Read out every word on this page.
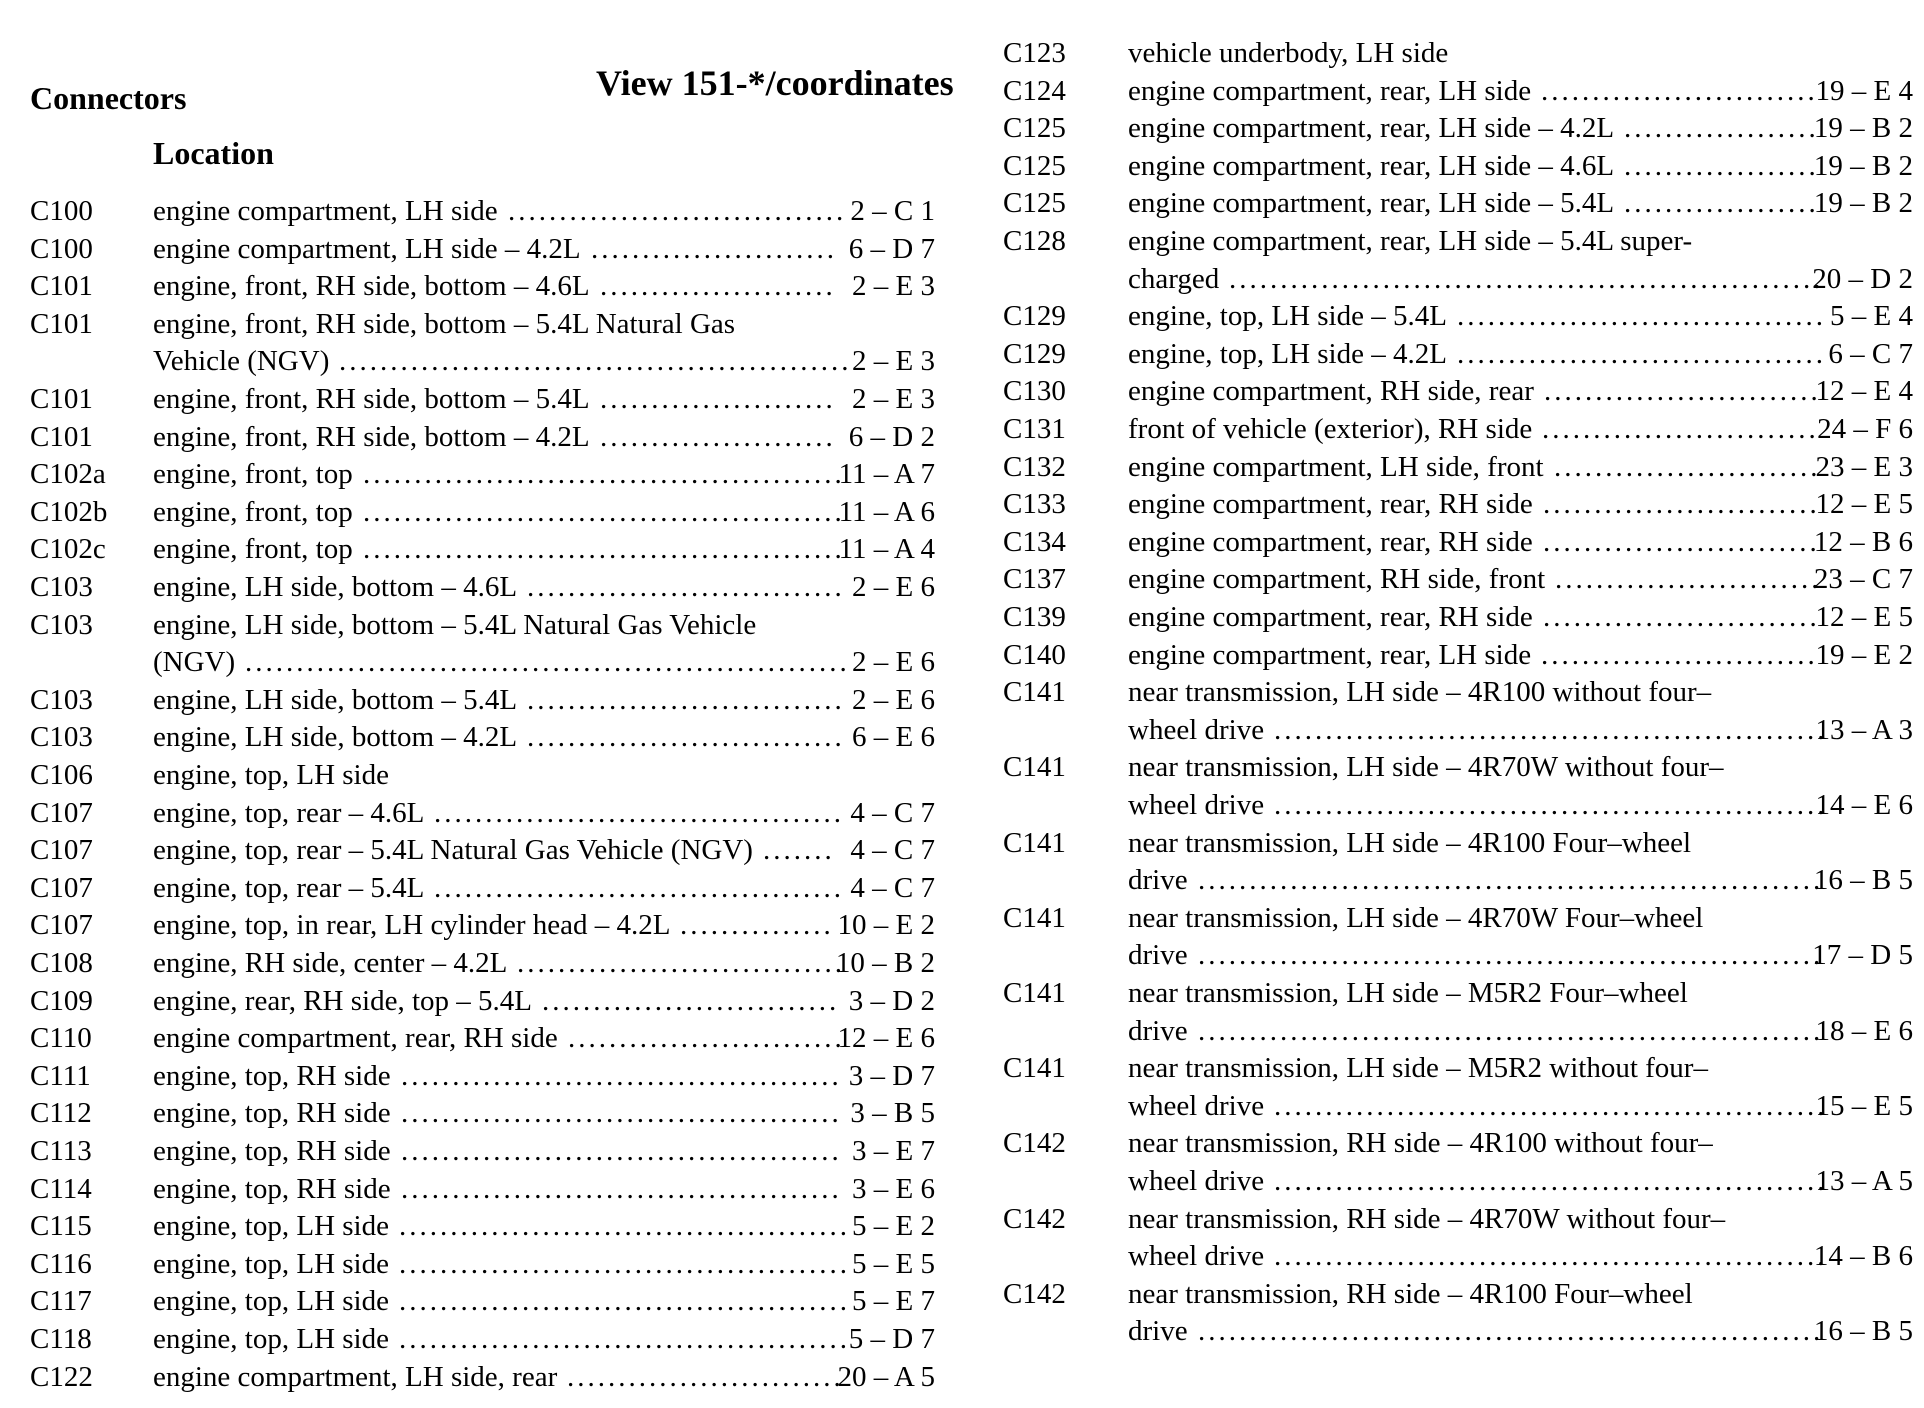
Connectors	View 151-*/coordinates
Location
C100 engine compartment, LH side ................................. 2 – C 1
C100 engine compartment, LH side – 4.2L ........................ 6 – D 7
C101 engine, front, RH side, bottom – 4.6L ....................... 2 – E 3
C101 engine, front, RH side, bottom – 5.4L Natural Gas
Vehicle (NGV) .................................................. 2 – E 3
C101 engine, front, RH side, bottom – 5.4L ....................... 2 – E 3
C101 engine, front, RH side, bottom – 4.2L ....................... 6 – D 2
C102a engine, front, top ...............................................
11 – A 7
C102b engine, front, top ...............................................
11 – A 6
C102c engine, front, top ...............................................
11 – A 4
C103 engine, LH side, bottom – 4.6L ............................... 2 – E 6
C103 engine, LH side, bottom – 5.4L Natural Gas Vehicle
(NGV) ........................................................... 2 – E 6
C103 engine, LH side, bottom – 5.4L ............................... 2 – E 6
C103 engine, LH side, bottom – 4.2L ............................... 6 – E 6
C106 engine, top, LH side
C107 engine, top, rear – 4.6L ........................................ 4 – C 7
C107 engine, top, rear – 5.4L Natural Gas Vehicle (NGV) ....... 4 – C 7
C107 engine, top, rear – 5.4L ........................................ 4 – C 7
C107 engine, top, in rear, LH cylinder head – 4.2L ............... 10 – E 2
C108 engine, RH side, center – 4.2L ................................
10 – B 2
C109 engine, rear, RH side, top – 5.4L ............................. 3 – D 2
C110 engine compartment, rear, RH side ...........................
12 – E 6
C111 engine, top, RH side ........................................... 3 – D 7
C112 engine, top, RH side ........................................... 3 – B 5
C113 engine, top, RH side ........................................... 3 – E 7
C114 engine, top, RH side ........................................... 3 – E 6
C115 engine, top, LH side ............................................ 5 – E 2
C116 engine, top, LH side ............................................ 5 – E 5
C117 engine, top, LH side ............................................ 5 – E 7
C118 engine, top, LH side ............................................
5 – D 7
C122 engine compartment, LH side, rear ...........................
20 – A 5
C123 vehicle underbody, LH side
C124 engine compartment, rear, LH side ...........................
19 – E 4
C125 engine compartment, rear, LH side – 4.2L ...................
19 – B 2
C125 engine compartment, rear, LH side – 4.6L ...................
19 – B 2
C125 engine compartment, rear, LH side – 5.4L ...................
19 – B 2
C128 engine compartment, rear, LH side – 5.4L super-
charged ..........................................................
20 – D 2
C129 engine, top, LH side – 5.4L .................................... 5 – E 4
C129 engine, top, LH side – 4.2L .................................... 6 – C 7
C130 engine compartment, RH side, rear ...........................
12 – E 4
C131 front of vehicle (exterior), RH side ...........................
24 – F 6
C132 engine compartment, LH side, front ..........................
23 – E 3
C133 engine compartment, rear, RH side ...........................
12 – E 5
C134 engine compartment, rear, RH side ...........................
12 – B 6
C137 engine compartment, RH side, front ..........................
23 – C 7
C139 engine compartment, rear, RH side ...........................
12 – E 5
C140 engine compartment, rear, LH side ...........................
19 – E 2
C141 near transmission, LH side – 4R100 without four–
wheel drive ......................................................
13 – A 3
C141 near transmission, LH side – 4R70W without four–
wheel drive ......................................................
14 – E 6
C141 near transmission, LH side – 4R100 Four–wheel
drive .............................................................
16 – B 5
C141 near transmission, LH side – 4R70W Four–wheel
drive .............................................................
17 – D 5
C141 near transmission, LH side – M5R2 Four–wheel
drive .............................................................
18 – E 6
C141 near transmission, LH side – M5R2 without four–
wheel drive ......................................................
15 – E 5
C142 near transmission, RH side – 4R100 without four–
wheel drive ......................................................
13 – A 5
C142 near transmission, RH side – 4R70W without four–
wheel drive ......................................................
14 – B 6
C142 near transmission, RH side – 4R100 Four–wheel
drive .............................................................
16 – B 5
